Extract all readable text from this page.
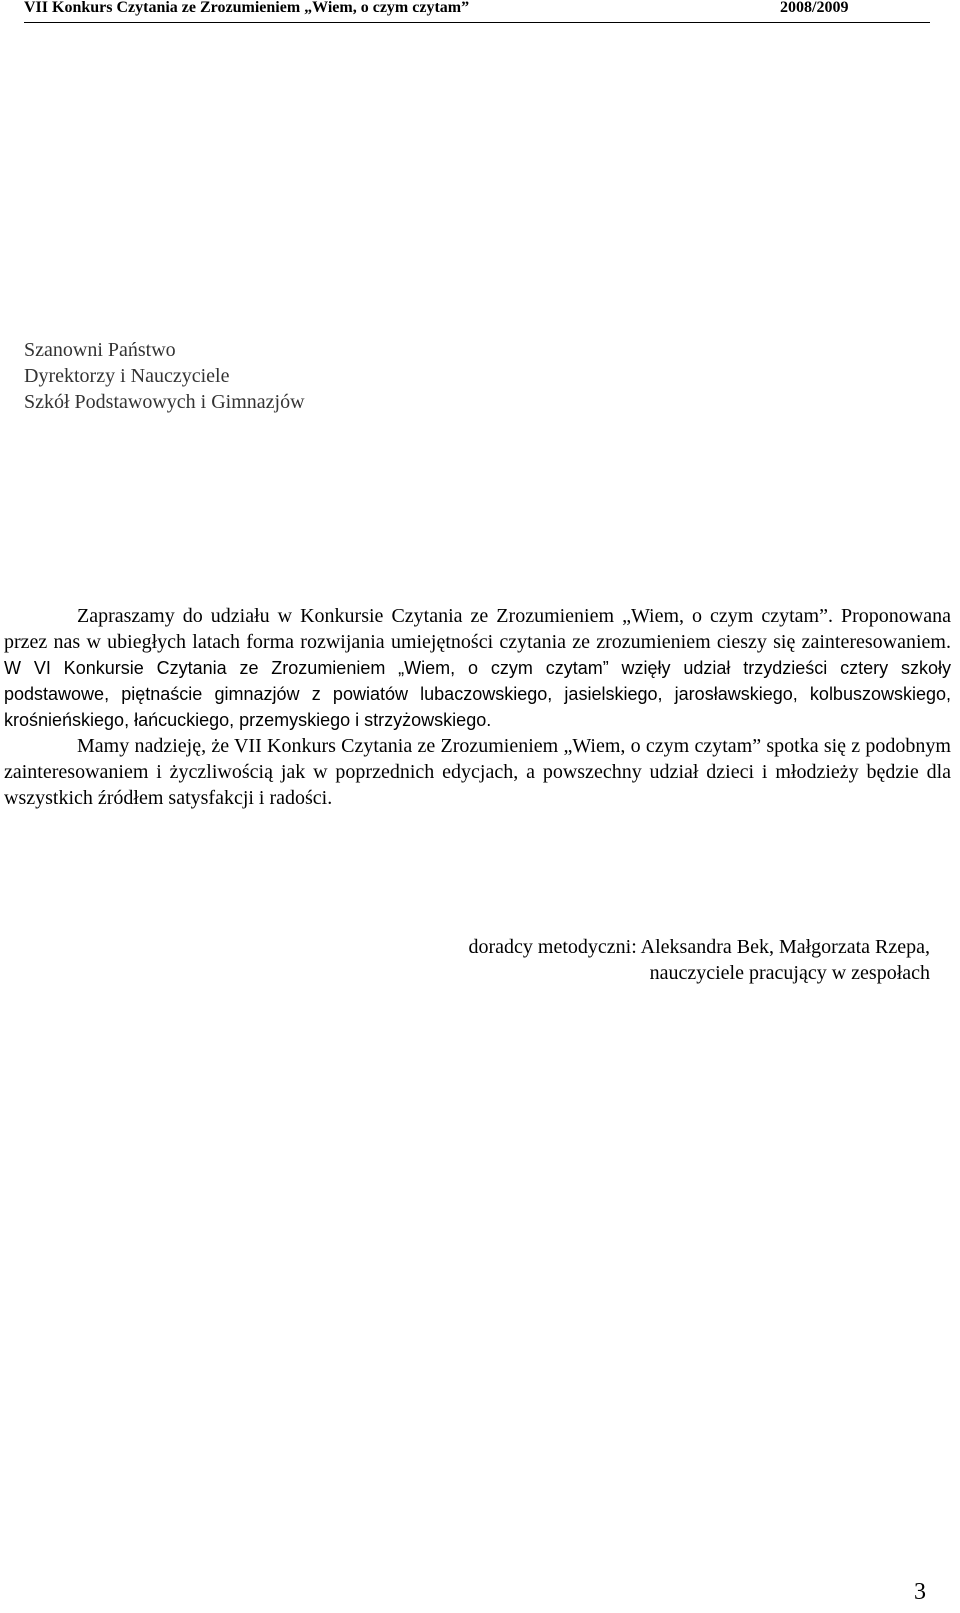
VII Konkurs Czytania ze Zrozumieniem „Wiem, o czym czytam”	2008/2009
Szanowni Państwo
Dyrektorzy i Nauczyciele
Szkół Podstawowych i Gimnazjów

Zapraszamy do udziału w Konkursie Czytania ze Zrozumieniem „Wiem, o czym czytam”. Proponowana przez nas w ubiegłych latach forma rozwijania umiejętności czytania ze zrozumieniem cieszy się zainteresowaniem. W VI Konkursie Czytania ze Zrozumieniem „Wiem, o czym czytam” wzięły udział trzydzieści cztery szkoły podstawowe, piętnaście gimnazjów z powiatów lubaczowskiego, jasielskiego, jarosławskiego, kolbuszowskiego, krośnieńskiego, łańcuckiego, przemyskiego i strzyżowskiego.

Mamy nadzieję, że VII Konkurs Czytania ze Zrozumieniem „Wiem, o czym czytam” spotka się z podobnym zainteresowaniem i życzliwością jak w poprzednich edycjach, a powszechny udział dzieci i młodzieży będzie dla wszystkich źródłem satysfakcji i radości.

doradcy metodyczni: Aleksandra Bek, Małgorzata Rzepa,
nauczyciele pracujący w zespołach
3
